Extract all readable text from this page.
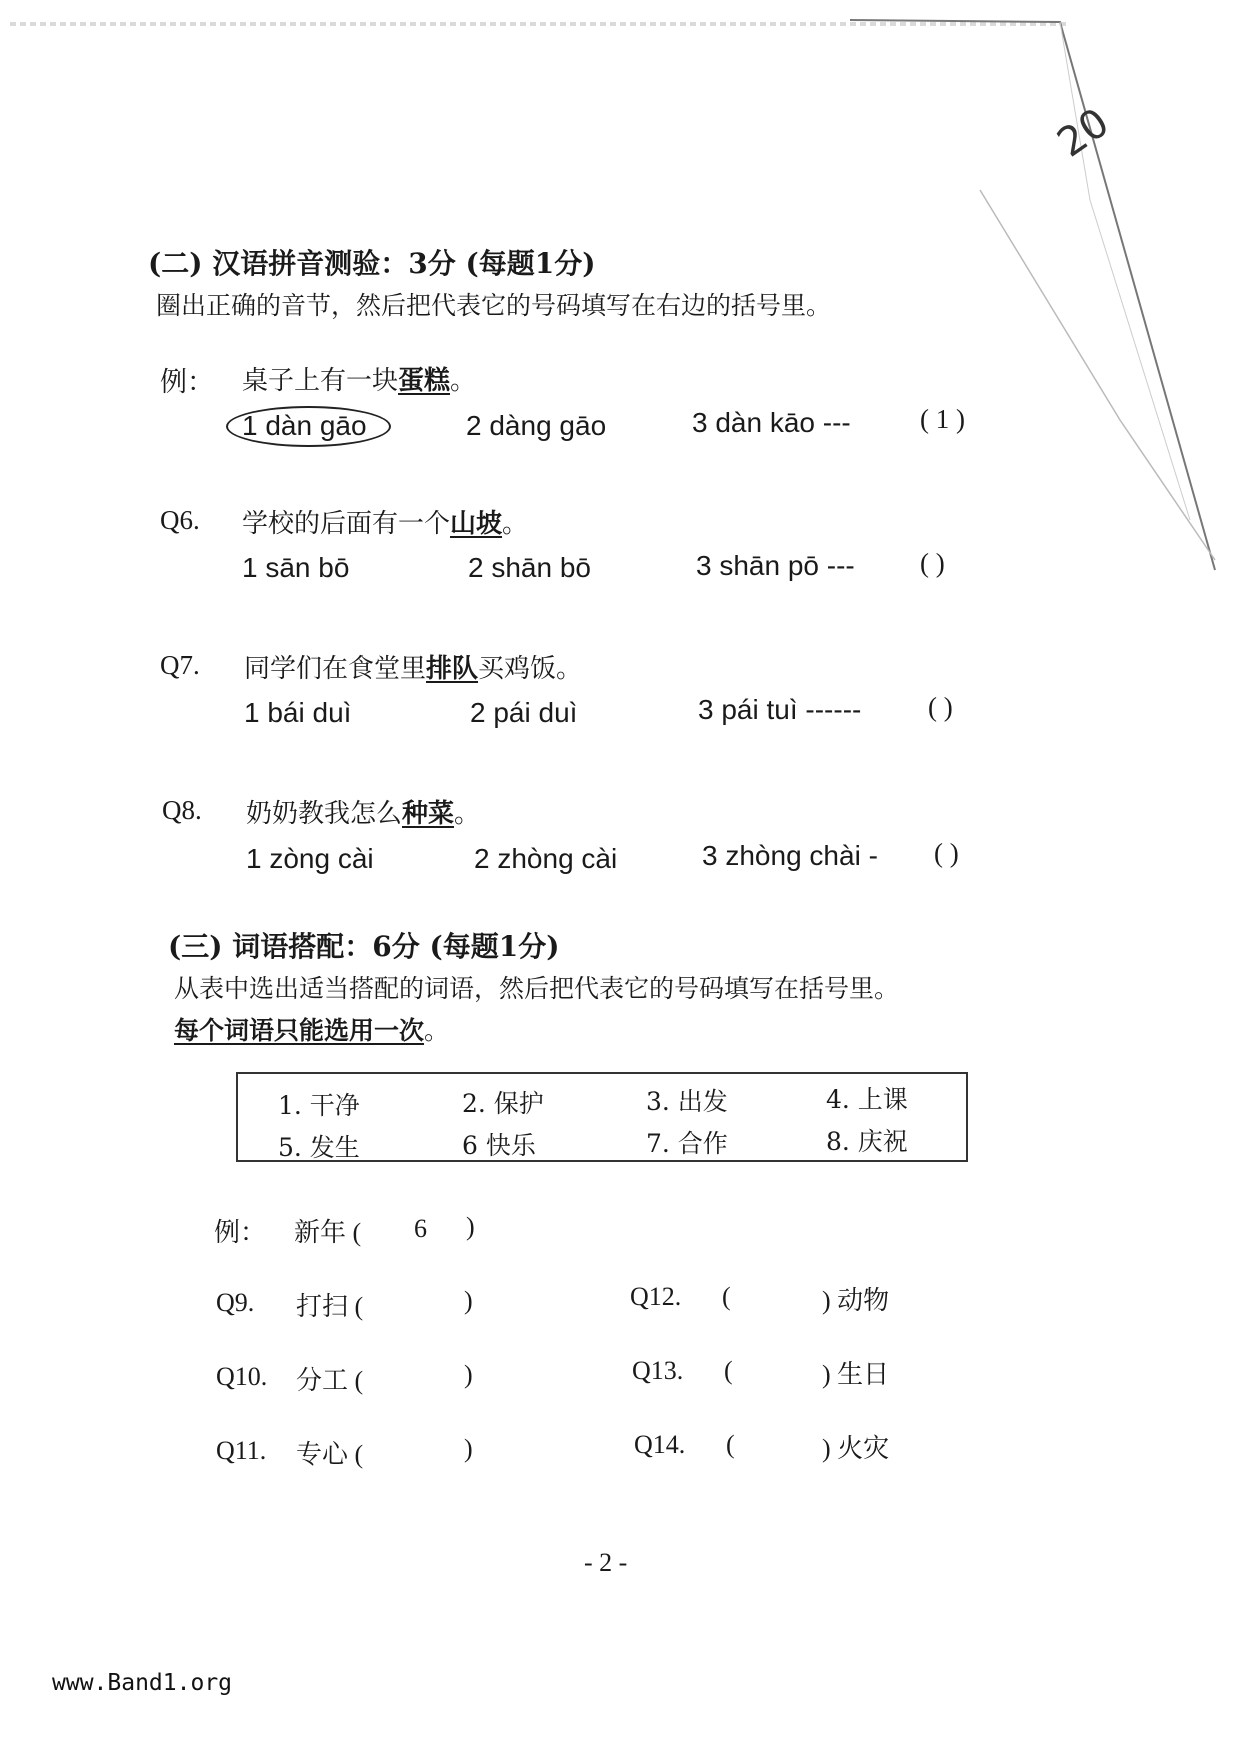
20
(二) 汉语拼音测验：3分 (每题1分)
圈出正确的音节，然后把代表它的号码填写在右边的括号里。
例： 桌子上有一块蛋糕。
1 dàn gāo	2 dàng gāo	3 dàn kāo ---	( 1 )
Q6. 学校的后面有一个山坡。
1 sān bō	2 shān bō	3 shān pō --- ( )
Q7. 同学们在食堂里排队买鸡饭。
1 bái duì	2 pái duì	3 pái tuì ------ ( )
Q8. 奶奶教我怎么种菜。
1 zòng cài	2 zhòng cài	3 zhòng chài - ( )
(三) 词语搭配：6分 (每题1分)
从表中选出适当搭配的词语，然后把代表它的号码填写在括号里。
每个词语只能选用一次。
1. 干净	2. 保护	3. 出发	4. 上课
5. 发生	6 快乐	7. 合作	8. 庆祝
例： 新年 ( 6 )
Q9. 打扫 (	)
Q10. 分工 (	)
Q11. 专心 (	)
Q12. (	) 动物
Q13. (	) 生日
Q14. (	) 火灾
- 2 -
www.Band1.org
